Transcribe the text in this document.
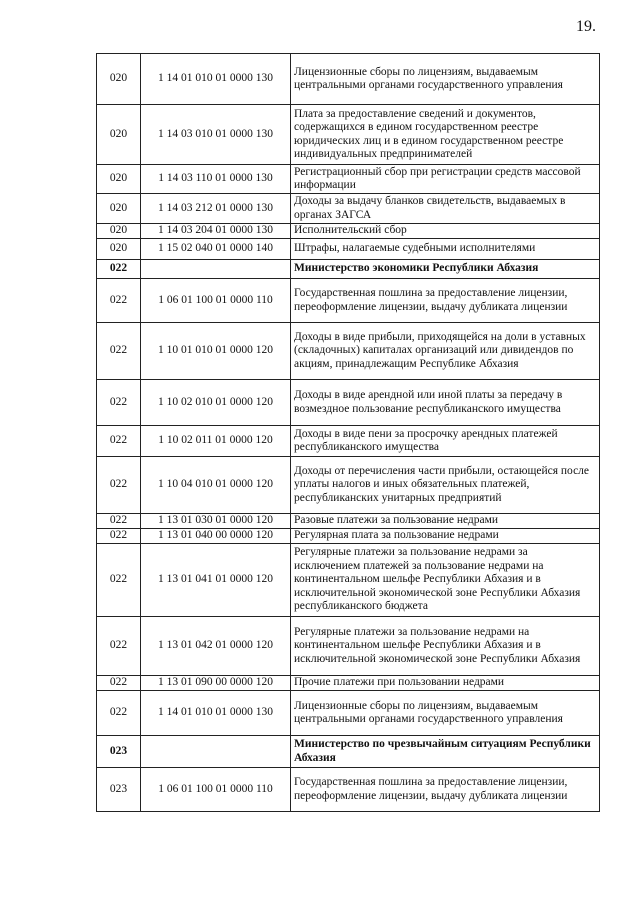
19.
020	1 14 01 010 01 0000 130	Лицензионные сборы по лицензиям, выдаваемым центральными органами государственного управления
020	1 14 03 010 01 0000 130	Плата за предоставление сведений и документов, содержащихся в едином государственном реестре юридических лиц и в едином государственном реестре индивидуальных предпринимателей
020	1 14 03 110 01 0000 130	Регистрационный сбор при регистрации средств массовой информации
020	1 14 03 212 01 0000 130	Доходы за выдачу бланков свидетельств, выдаваемых в органах ЗАГСА
020	1 14 03 204 01 0000 130	Исполнительский сбор
020	1 15 02 040 01 0000 140	Штрафы, налагаемые судебными исполнителями
022		Министерство экономики Республики Абхазия
022	1 06 01 100 01 0000 110	Государственная пошлина за предоставление лицензии, переоформление лицензии, выдачу дубликата лицензии
022	1 10 01 010 01 0000 120	Доходы в виде прибыли, приходящейся на доли в уставных (складочных) капиталах организаций или дивидендов по акциям, принадлежащим Республике Абхазия
022	1 10 02 010 01 0000 120	Доходы в виде арендной или иной платы за передачу в возмездное пользование республиканского имущества
022	1 10 02 011 01 0000 120	Доходы в виде пени за просрочку арендных платежей республиканского имущества
022	1 10 04 010 01 0000 120	Доходы от перечисления части прибыли, остающейся после уплаты налогов и иных обязательных платежей, республиканских унитарных предприятий
022	1 13 01 030 01 0000 120	Разовые платежи за пользование недрами
022	1 13 01 040 00 0000 120	Регулярная плата за пользование недрами
022	1 13 01 041 01 0000 120	Регулярные платежи за пользование недрами за исключением платежей за пользование недрами на континентальном шельфе Республики Абхазия и в исключительной экономической зоне Республики Абхазия республиканского бюджета
022	1 13 01 042 01 0000 120	Регулярные платежи за пользование недрами на континентальном шельфе Республики Абхазия и в исключительной экономической зоне Республики Абхазия
022	1 13 01 090 00 0000 120	Прочие платежи при пользовании недрами
022	1 14 01 010 01 0000 130	Лицензионные сборы по лицензиям, выдаваемым центральными органами государственного управления
023		Министерство по чрезвычайным ситуациям Республики Абхазия
023	1 06 01 100 01 0000 110	Государственная пошлина за предоставление лицензии, переоформление лицензии, выдачу дубликата лицензии
